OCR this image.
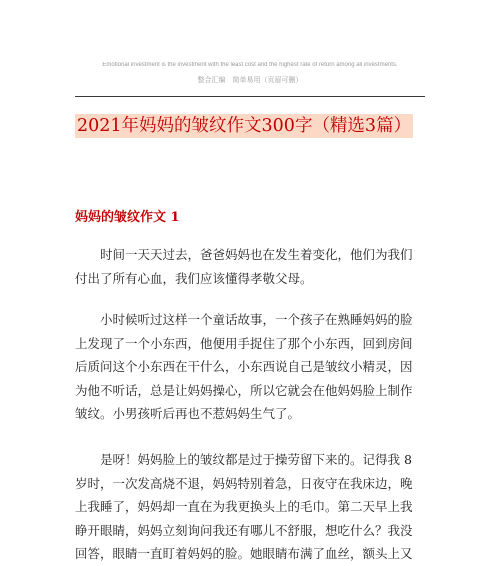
Emotional investment is the investment with the least cost and the highest rate of return among all investments.
整合汇编　简单易用（页眉可删）
2021年妈妈的皱纹作文300字（精选3篇）
妈妈的皱纹作文 1
时间一天天过去，爸爸妈妈也在发生着变化，他们为我们
付出了所有心血，我们应该懂得孝敬父母。
小时候听过这样一个童话故事，一个孩子在熟睡妈妈的脸
上发现了一个小东西，他便用手捉住了那个小东西，回到房间
后质问这个小东西在干什么，小东西说自己是皱纹小精灵，因
为他不听话，总是让妈妈操心，所以它就会在他妈妈脸上制作
皱纹。小男孩听后再也不惹妈妈生气了。
是呀！妈妈脸上的皱纹都是过于操劳留下来的。记得我 8
岁时，一次发高烧不退，妈妈特别着急，日夜守在我床边，晚
上我睡了，妈妈却一直在为我更换头上的毛巾。第二天早上我
睁开眼睛，妈妈立刻询问我还有哪儿不舒服，想吃什么？我没
回答，眼睛一直盯着妈妈的脸。她眼睛布满了血丝，额头上又
